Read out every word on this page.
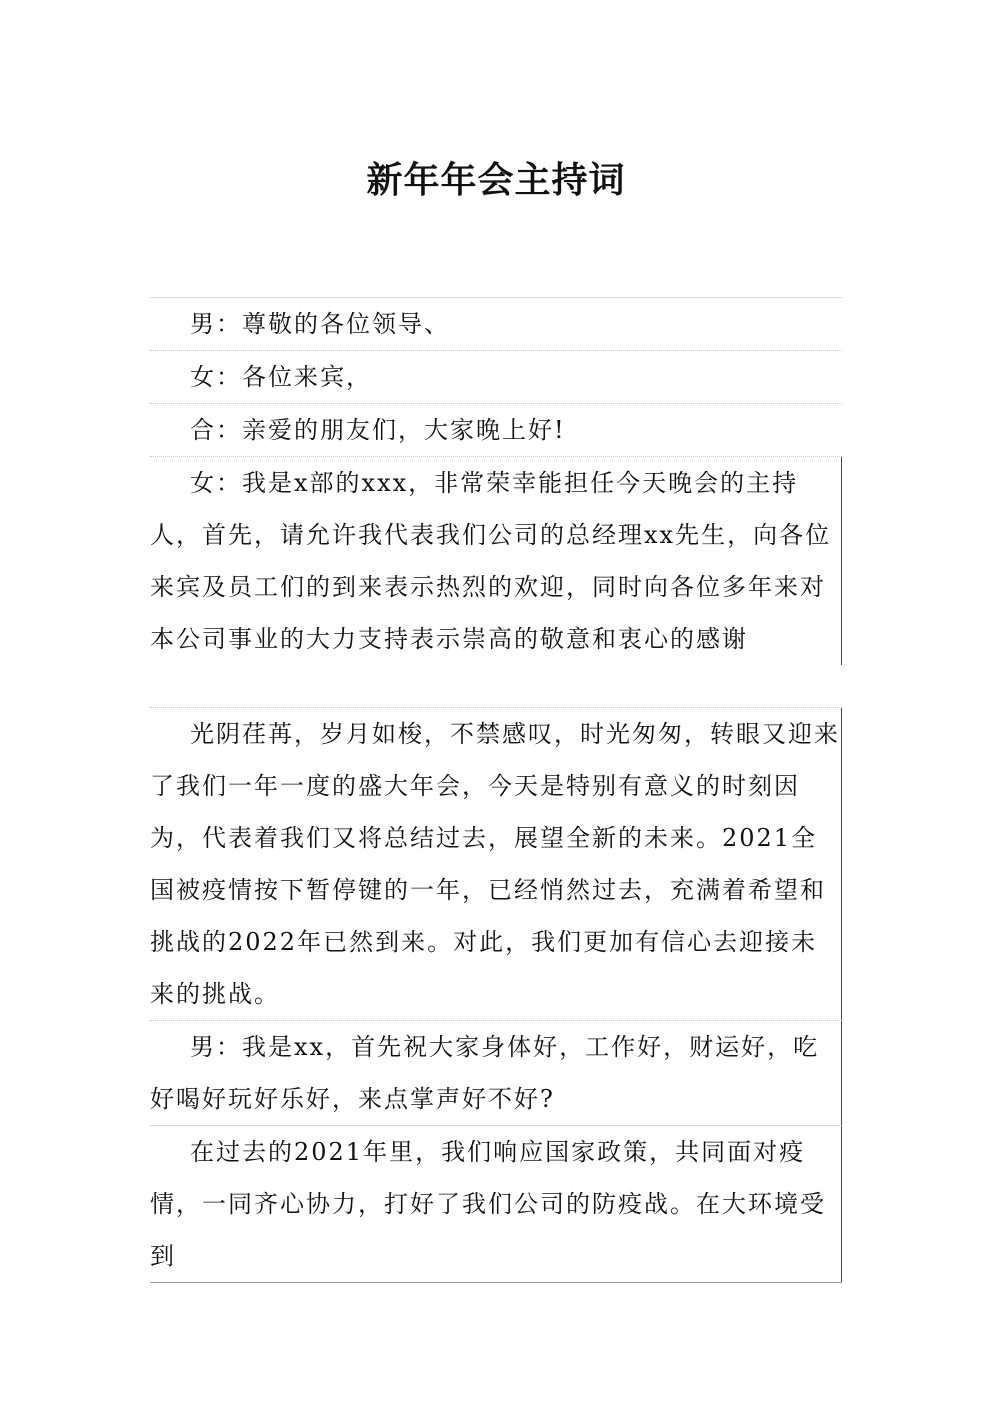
新年年会主持词

男：尊敬的各位领导、

女：各位来宾，

合：亲爱的朋友们，大家晚上好!

女：我是x部的xxx，非常荣幸能担任今天晚会的主持人，首先，请允许我代表我们公司的总经理xx先生，向各位来宾及员工们的到来表示热烈的欢迎，同时向各位多年来对本公司事业的大力支持表示崇高的敬意和衷心的感谢

光阴荏苒，岁月如梭，不禁感叹，时光匆匆，转眼又迎来了我们一年一度的盛大年会，今天是特别有意义的时刻因为，代表着我们又将总结过去，展望全新的未来。2021全国被疫情按下暂停键的一年，已经悄然过去，充满着希望和挑战的2022年已然到来。对此，我们更加有信心去迎接未来的挑战。

男：我是xx，首先祝大家身体好，工作好，财运好，吃好喝好玩好乐好，来点掌声好不好?

在过去的2021年里，我们响应国家政策，共同面对疫情，一同齐心协力，打好了我们公司的防疫战。在大环境受到
